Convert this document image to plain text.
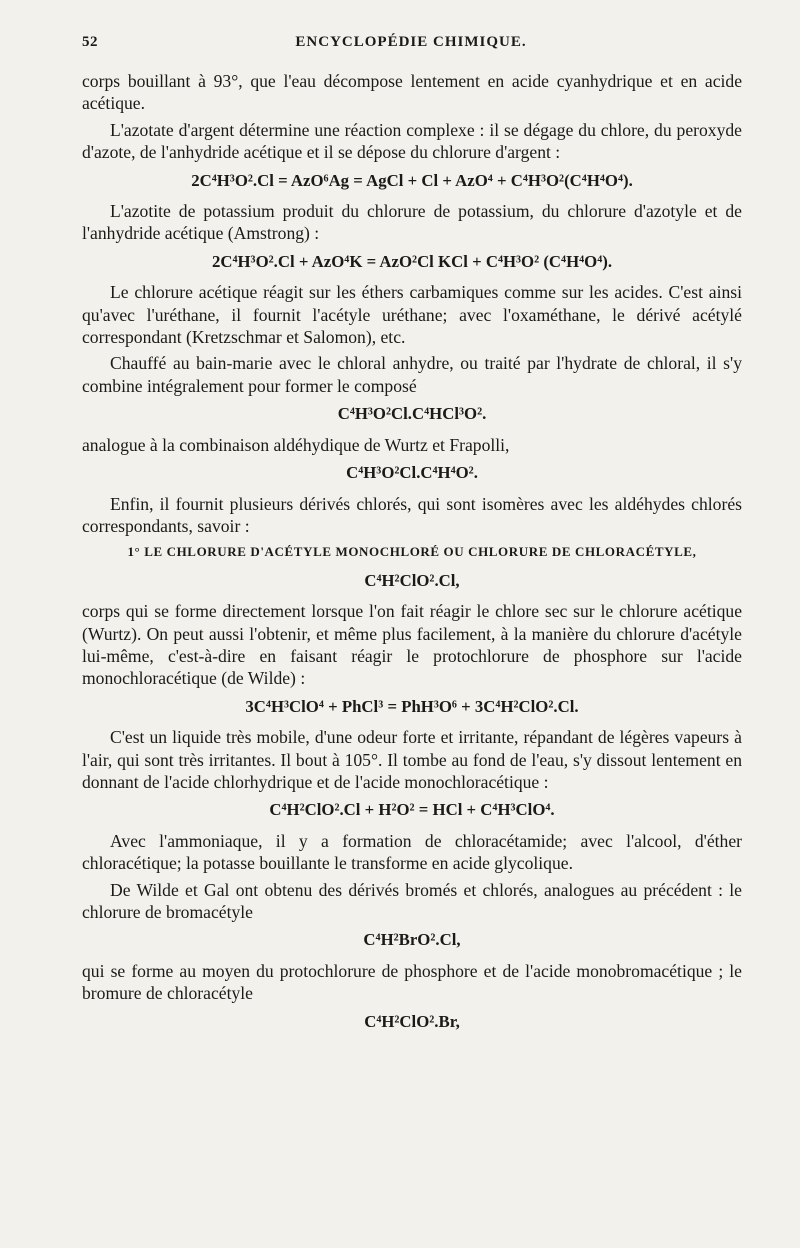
52	ENCYCLOPÉDIE CHIMIQUE.

corps bouillant à 93°, que l'eau décompose lentement en acide cyanhydrique et en acide acétique.

L'azotate d'argent détermine une réaction complexe : il se dégage du chlore, du peroxyde d'azote, de l'anhydride acétique et il se dépose du chlorure d'argent :

2C⁴H³O².Cl = AzO⁶Ag = AgCl + Cl + AzO⁴ + C⁴H³O²(C⁴H⁴O⁴).

L'azotite de potassium produit du chlorure de potassium, du chlorure d'azotyle et de l'anhydride acétique (Amstrong) :

2C⁴H³O².Cl + AzO⁴K = AzO²Cl KCl + C⁴H³O² (C⁴H⁴O⁴).

Le chlorure acétique réagit sur les éthers carbamiques comme sur les acides. C'est ainsi qu'avec l'uréthane, il fournit l'acétyle uréthane; avec l'oxaméthane, le dérivé acétylé correspondant (Kretzschmar et Salomon), etc.

Chauffé au bain-marie avec le chloral anhydre, ou traité par l'hydrate de chloral, il s'y combine intégralement pour former le composé

C⁴H³O²Cl.C⁴HCl³O².

analogue à la combinaison aldéhydique de Wurtz et Frapolli,

C⁴H³O²Cl.C⁴H⁴O².

Enfin, il fournit plusieurs dérivés chlorés, qui sont isomères avec les aldéhydes chlorés correspondants, savoir :

1° LE CHLORURE D'ACÉTYLE MONOCHLORÉ OU CHLORURE DE CHLORACÉTYLE,
C⁴H²ClO².Cl,

corps qui se forme directement lorsque l'on fait réagir le chlore sec sur le chlorure acétique (Wurtz). On peut aussi l'obtenir, et même plus facilement, à la manière du chlorure d'acétyle lui-même, c'est-à-dire en faisant réagir le protochlorure de phosphore sur l'acide monochloracétique (de Wilde) :

3C⁴H³ClO⁴ + PhCl³ = PhH³O⁶ + 3C⁴H²ClO².Cl.

C'est un liquide très mobile, d'une odeur forte et irritante, répandant de légères vapeurs à l'air, qui sont très irritantes. Il bout à 105°. Il tombe au fond de l'eau, s'y dissout lentement en donnant de l'acide chlorhydrique et de l'acide monochloracétique :

C⁴H²ClO².Cl + H²O² = HCl + C⁴H³ClO⁴.

Avec l'ammoniaque, il y a formation de chloracétamide; avec l'alcool, d'éther chloracétique; la potasse bouillante le transforme en acide glycolique.

De Wilde et Gal ont obtenu des dérivés bromés et chlorés, analogues au précédent : le chlorure de bromacétyle

C⁴H²BrO².Cl,

qui se forme au moyen du protochlorure de phosphore et de l'acide monobromacétique ; le bromure de chloracétyle

C⁴H²ClO².Br,
